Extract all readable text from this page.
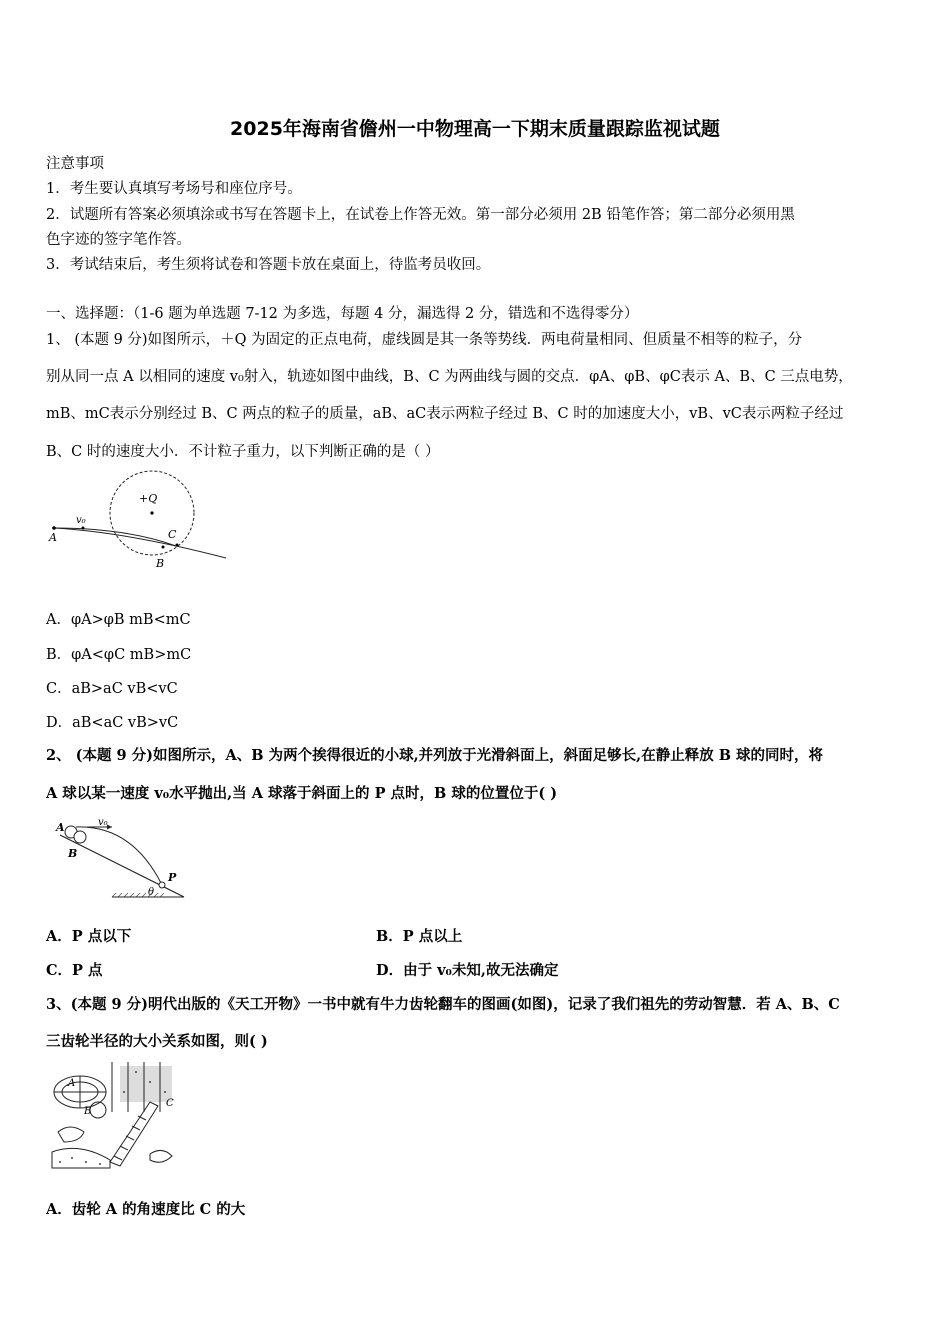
2025年海南省儋州一中物理高一下期末质量跟踪监视试题
注意事项
1．考生要认真填写考场号和座位序号。
2．试题所有答案必须填涂或书写在答题卡上，在试卷上作答无效。第一部分必须用 2B 铅笔作答；第二部分必须用黑
色字迹的签字笔作答。
3．考试结束后，考生须将试卷和答题卡放在桌面上，待监考员收回。
一、选择题：（1-6 题为单选题 7-12 为多选，每题 4 分，漏选得 2 分，错选和不选得零分）
1、 (本题 9 分)如图所示，＋Q 为固定的正点电荷，虚线圆是其一条等势线．两电荷量相同、但质量不相等的粒子，分
别从同一点 A 以相同的速度 v₀射入，轨迹如图中曲线，B、C 为两曲线与圆的交点．φA、φB、φC表示 A、B、C 三点电势，
mB、mC表示分别经过 B、C 两点的粒子的质量，aB、aC表示两粒子经过 B、C 时的加速度大小，vB、vC表示两粒子经过
B、C 时的速度大小．不计粒子重力，以下判断正确的是（ ）
+Q
A
B
C
v₀
A．φA>φB mB<mC
B．φA<φC mB>mC
C．aB>aC vB<vC
D．aB<aC vB>vC
2、 (本题 9 分)如图所示，A、B 为两个挨得很近的小球,并列放于光滑斜面上，斜面足够长,在静止释放 B 球的同时，将
A 球以某一速度 v₀水平抛出,当 A 球落于斜面上的 P 点时，B 球的位置位于( )
A
B
P
v₀
θ
A．P 点以下	B．P 点以上
C．P 点	D．由于 v₀未知,故无法确定
3、(本题 9 分)明代出版的《天工开物》一书中就有牛力齿轮翻车的图画(如图)，记录了我们祖先的劳动智慧．若 A、B、C
三齿轮半径的大小关系如图，则( )
A
B
C
A．齿轮 A 的角速度比 C 的大
